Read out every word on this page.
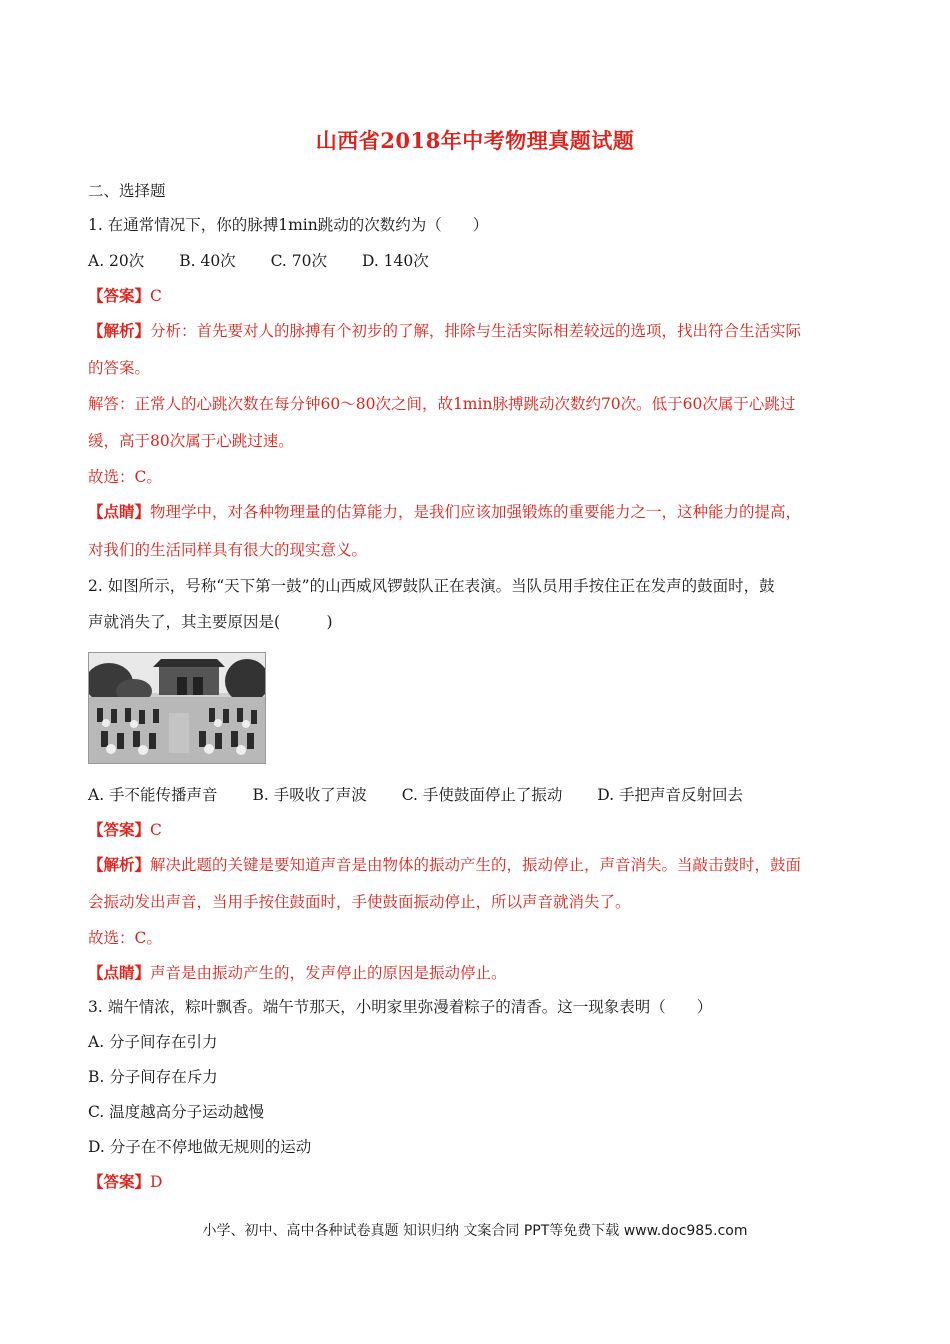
山西省2018年中考物理真题试题
二、选择题
1. 在通常情况下，你的脉搏1min跳动的次数约为（　　）
A. 20次 B. 40次 C. 70次 D. 140次
【答案】C
【解析】分析：首先要对人的脉搏有个初步的了解，排除与生活实际相差较远的选项，找出符合生活实际
的答案。
解答：正常人的心跳次数在每分钟60～80次之间，故1min脉搏跳动次数约70次。低于60次属于心跳过
缓，高于80次属于心跳过速。
故选：C。
【点睛】物理学中，对各种物理量的估算能力，是我们应该加强锻炼的重要能力之一，这种能力的提高，
对我们的生活同样具有很大的现实意义。
2. 如图所示，号称“天下第一鼓”的山西威风锣鼓队正在表演。当队员用手按住正在发声的鼓面时，鼓
声就消失了，其主要原因是(　　　)
A. 手不能传播声音 B. 手吸收了声波 C. 手使鼓面停止了振动 D. 手把声音反射回去
【答案】C
【解析】解决此题的关键是要知道声音是由物体的振动产生的，振动停止，声音消失。当敲击鼓时，鼓面
会振动发出声音，当用手按住鼓面时，手使鼓面振动停止，所以声音就消失了。
故选：C。
【点睛】声音是由振动产生的，发声停止的原因是振动停止。
3. 端午情浓，粽叶飘香。端午节那天，小明家里弥漫着粽子的清香。这一现象表明（　　）
A. 分子间存在引力
B. 分子间存在斥力
C. 温度越高分子运动越慢
D. 分子在不停地做无规则的运动
【答案】D
小学、初中、高中各种试卷真题 知识归纳 文案合同 PPT等免费下载 www.doc985.com
